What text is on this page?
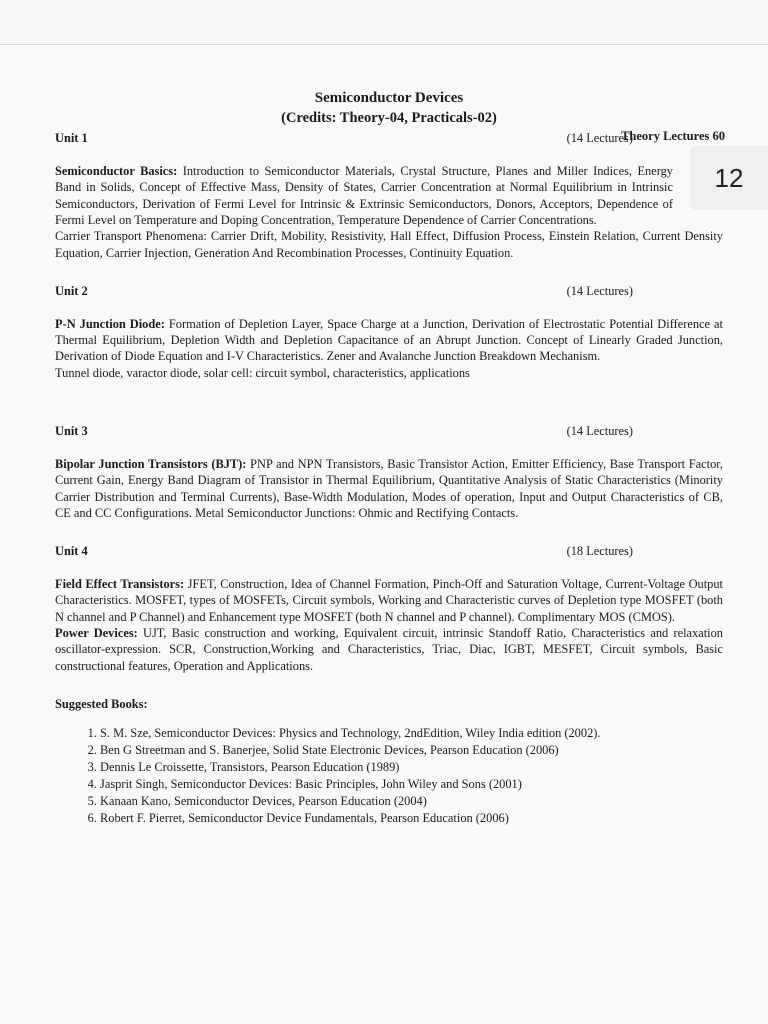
12
Semiconductor Devices
(Credits: Theory-04, Practicals-02)
Theory Lectures 60
Unit 1	(14 Lectures)

Semiconductor Basics: Introduction to Semiconductor Materials, Crystal Structure, Planes and Miller Indices, Energy Band in Solids, Concept of Effective Mass, Density of States, Carrier Concentration at Normal Equilibrium in Intrinsic Semiconductors, Derivation of Fermi Level for Intrinsic & Extrinsic Semiconductors, Donors, Acceptors, Dependence of Fermi Level on Temperature and Doping Concentration, Temperature Dependence of Carrier Concentrations.

Carrier Transport Phenomena: Carrier Drift, Mobility, Resistivity, Hall Effect, Diffusion Process, Einstein Relation, Current Density Equation, Carrier Injection, Generation And Recombination Processes, Continuity Equation.

Unit 2	(14 Lectures)

P-N Junction Diode: Formation of Depletion Layer, Space Charge at a Junction, Derivation of Electrostatic Potential Difference at Thermal Equilibrium, Depletion Width and Depletion Capacitance of an Abrupt Junction. Concept of Linearly Graded Junction, Derivation of Diode Equation and I-V Characteristics. Zener and Avalanche Junction Breakdown Mechanism.

Tunnel diode, varactor diode, solar cell: circuit symbol, characteristics, applications

Unit 3	(14 Lectures)

Bipolar Junction Transistors (BJT): PNP and NPN Transistors, Basic Transistor Action, Emitter Efficiency, Base Transport Factor, Current Gain, Energy Band Diagram of Transistor in Thermal Equilibrium, Quantitative Analysis of Static Characteristics (Minority Carrier Distribution and Terminal Currents), Base-Width Modulation, Modes of operation, Input and Output Characteristics of CB, CE and CC Configurations. Metal Semiconductor Junctions: Ohmic and Rectifying Contacts.

Unit 4	(18 Lectures)

Field Effect Transistors: JFET, Construction, Idea of Channel Formation, Pinch-Off and Saturation Voltage, Current-Voltage Output Characteristics. MOSFET, types of MOSFETs, Circuit symbols, Working and Characteristic curves of Depletion type MOSFET (both N channel and P Channel) and Enhancement type MOSFET (both N channel and P channel). Complimentary MOS (CMOS).

Power Devices: UJT, Basic construction and working, Equivalent circuit, intrinsic Standoff Ratio, Characteristics and relaxation oscillator-expression. SCR, Construction,Working and Characteristics, Triac, Diac, IGBT, MESFET, Circuit symbols, Basic constructional features, Operation and Applications.

Suggested Books:
1. S. M. Sze, Semiconductor Devices: Physics and Technology, 2ndEdition, Wiley India edition (2002).
2. Ben G Streetman and S. Banerjee, Solid State Electronic Devices, Pearson Education (2006)
3. Dennis Le Croissette, Transistors, Pearson Education (1989)
4. Jasprit Singh, Semiconductor Devices: Basic Principles, John Wiley and Sons (2001)
5. Kanaan Kano, Semiconductor Devices, Pearson Education (2004)
6. Robert F. Pierret, Semiconductor Device Fundamentals, Pearson Education (2006)
